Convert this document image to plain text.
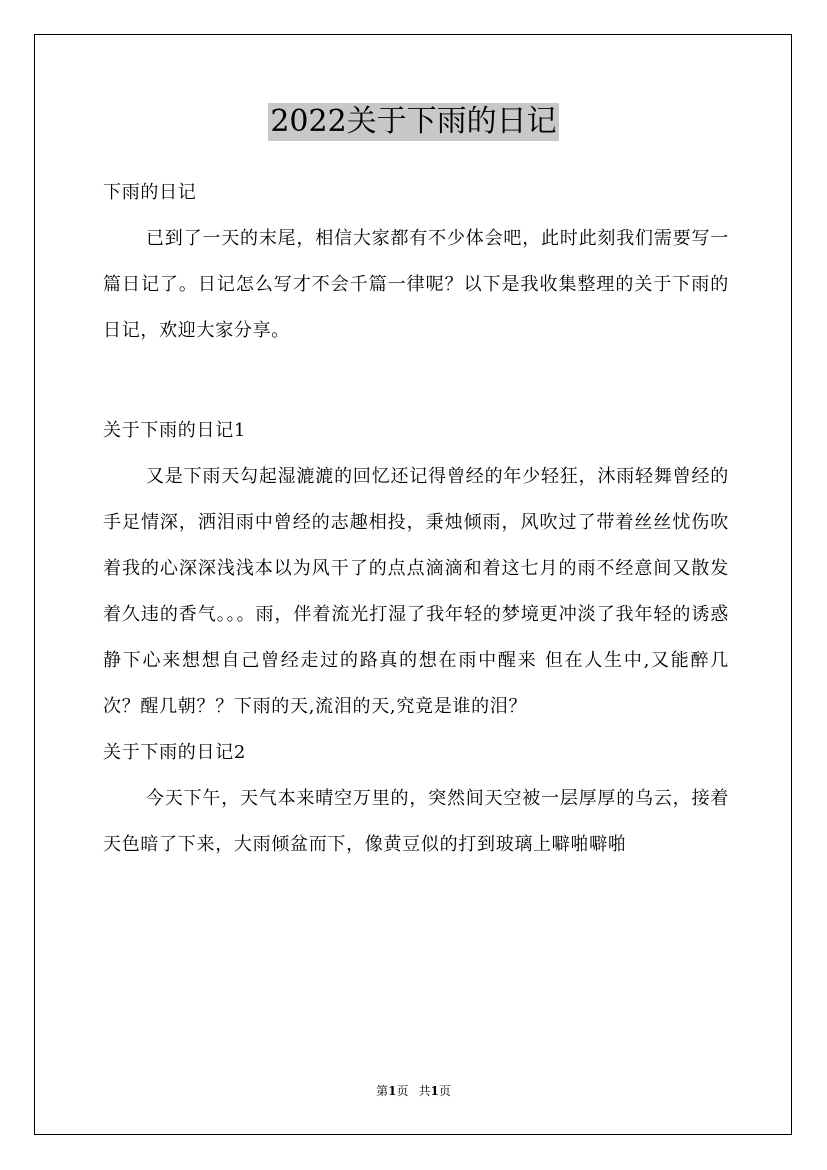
2022关于下雨的日记

下雨的日记

已到了一天的末尾，相信大家都有不少体会吧，此时此刻我们需要写一篇日记了。日记怎么写才不会千篇一律呢？以下是我收集整理的关于下雨的日记，欢迎大家分享。

关于下雨的日记1

又是下雨天勾起湿漉漉的回忆还记得曾经的年少轻狂，沐雨轻舞曾经的手足情深，洒泪雨中曾经的志趣相投，秉烛倾雨，风吹过了带着丝丝忧伤吹着我的心深深浅浅本以为风干了的点点滴滴和着这七月的雨不经意间又散发着久违的香气。。。雨，伴着流光打湿了我年轻的梦境更冲淡了我年轻的诱惑静下心来想想自己曾经走过的路真的想在雨中醒来 但在人生中,又能醉几次？醒几朝？？下雨的天,流泪的天,究竟是谁的泪？

关于下雨的日记2

今天下午，天气本来晴空万里的，突然间天空被一层厚厚的乌云，接着天色暗了下来，大雨倾盆而下，像黄豆似的打到玻璃上噼啪噼啪

第1页 共1页
